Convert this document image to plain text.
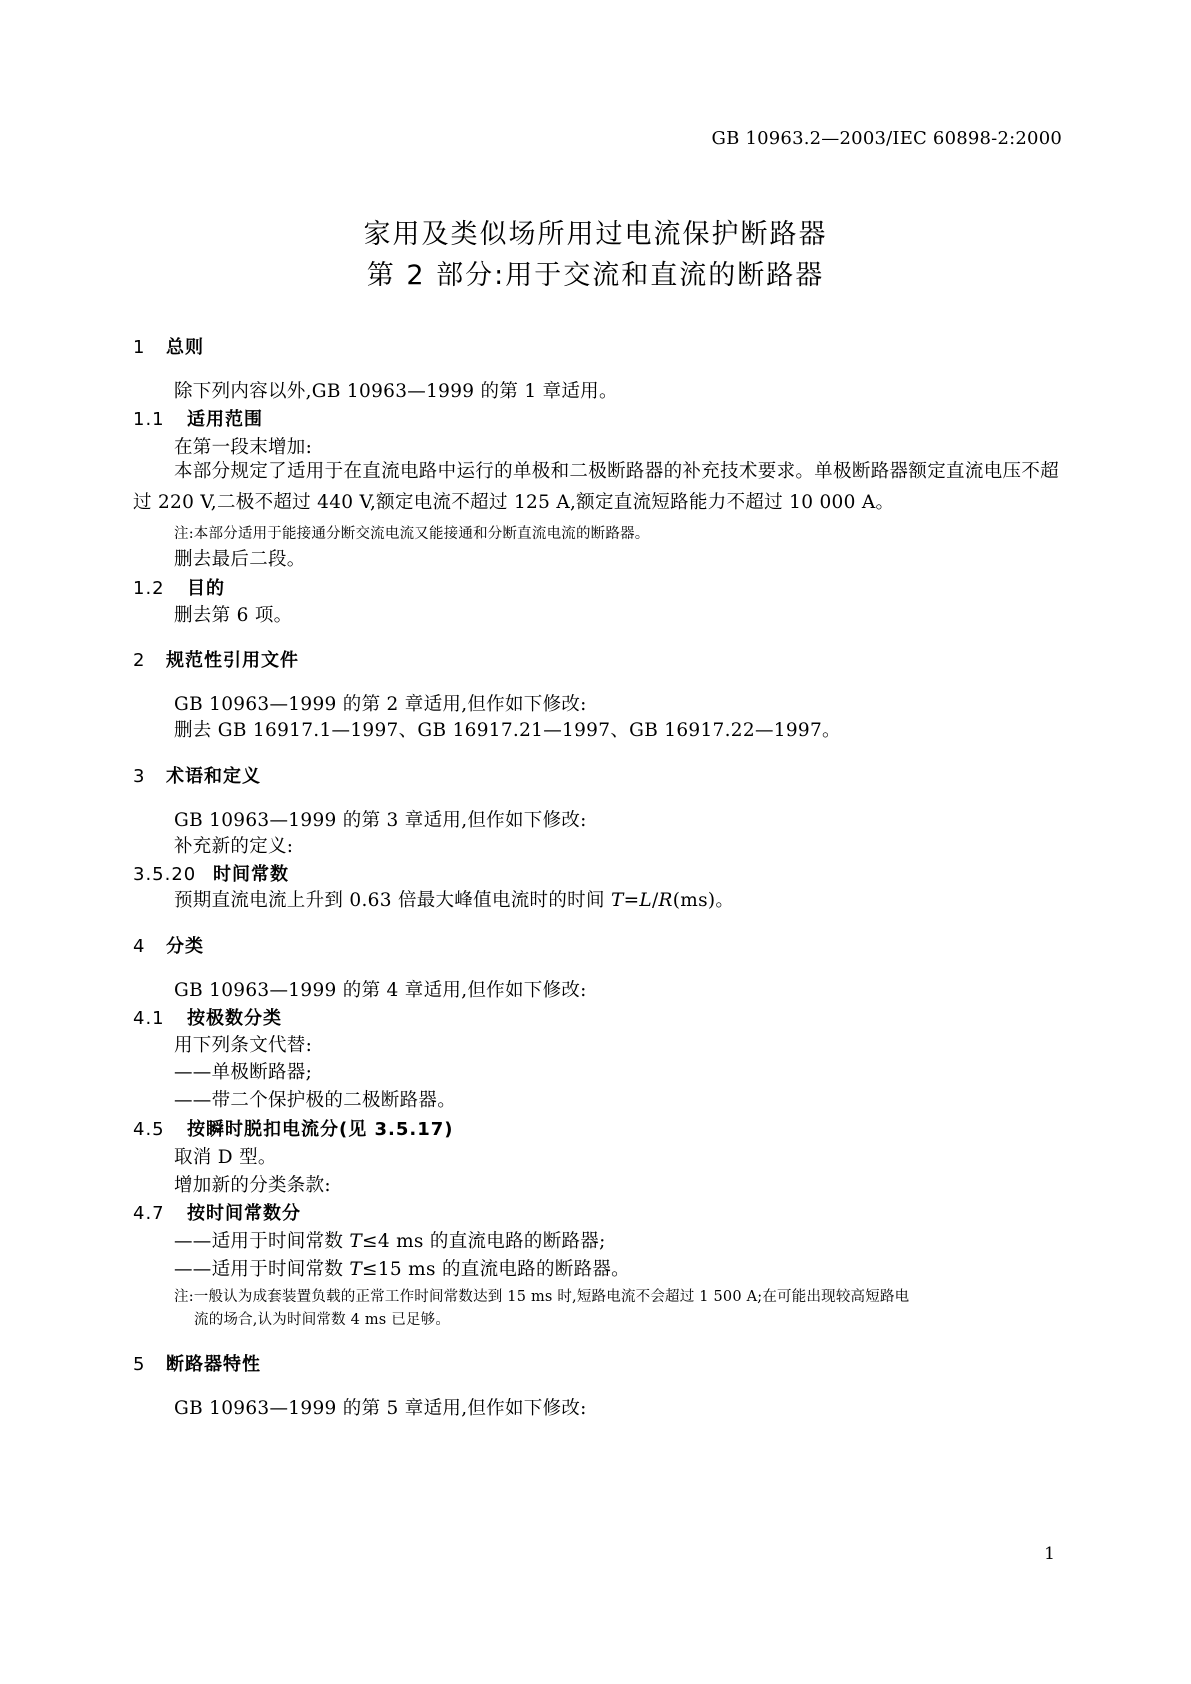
GB 10963.2—2003/IEC 60898-2:2000
家用及类似场所用过电流保护断路器
第 2 部分:用于交流和直流的断路器
1 总则
除下列内容以外,GB 10963—1999 的第 1 章适用。
1.1 适用范围
在第一段末增加:
本部分规定了适用于在直流电路中运行的单极和二极断路器的补充技术要求。单极断路器额定直流电压不超过 220 V,二极不超过 440 V,额定电流不超过 125 A,额定直流短路能力不超过 10 000 A。
注:本部分适用于能接通分断交流电流又能接通和分断直流电流的断路器。
删去最后二段。
1.2 目的
删去第 6 项。
2 规范性引用文件
GB 10963—1999 的第 2 章适用,但作如下修改:
删去 GB 16917.1—1997、GB 16917.21—1997、GB 16917.22—1997。
3 术语和定义
GB 10963—1999 的第 3 章适用,但作如下修改:
补充新的定义:
3.5.20 时间常数
预期直流电流上升到 0.63 倍最大峰值电流时的时间 T=L/R(ms)。
4 分类
GB 10963—1999 的第 4 章适用,但作如下修改:
4.1 按极数分类
用下列条文代替:
——单极断路器;
——带二个保护极的二极断路器。
4.5 按瞬时脱扣电流分(见 3.5.17)
取消 D 型。
增加新的分类条款:
4.7 按时间常数分
——适用于时间常数 T≤4 ms 的直流电路的断路器;
——适用于时间常数 T≤15 ms 的直流电路的断路器。
注:一般认为成套装置负载的正常工作时间常数达到 15 ms 时,短路电流不会超过 1 500 A;在可能出现较高短路电
流的场合,认为时间常数 4 ms 已足够。
5 断路器特性
GB 10963—1999 的第 5 章适用,但作如下修改:
1
